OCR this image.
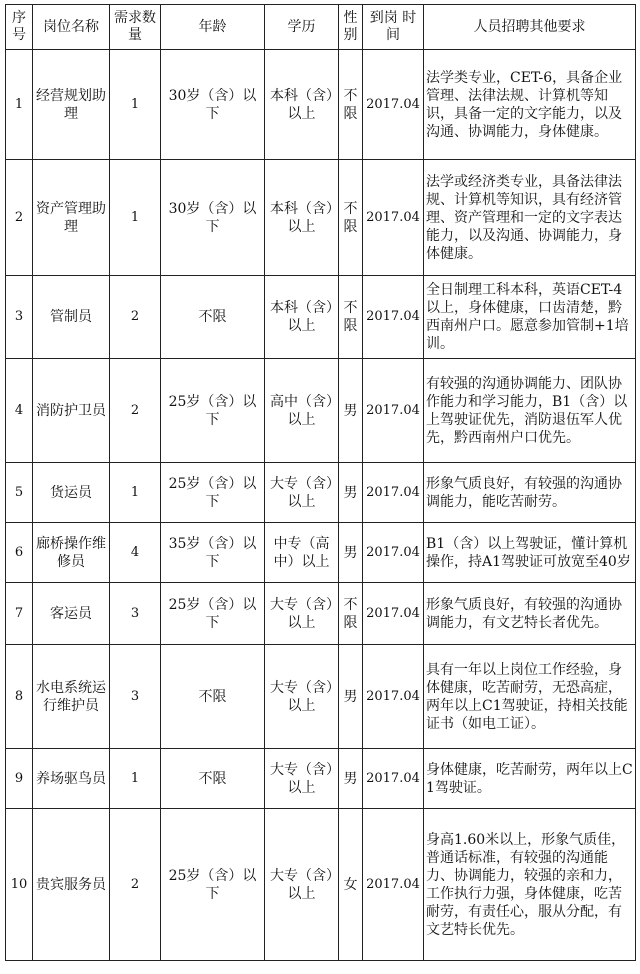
序号	岗位名称	需求数量	年龄	学历	性别	到岗 时间	人员招聘其他要求
1	经营规划助理	1	30岁（含）以下	本科（含）以上	不限	2017.04	法学类专业，CET-6，具备企业管理、法律法规、计算机等知识，具备一定的文字能力，以及沟通、协调能力，身体健康。
2	资产管理助理	1	30岁（含）以下	本科（含）以上	不限	2017.04	法学或经济类专业，具备法律法规、计算机等知识，具有经济管理、资产管理和一定的文字表达能力，以及沟通、协调能力，身体健康。
3	管制员	2	不限	本科（含）以上	不限	2017.04	全日制理工科本科，英语CET-4以上，身体健康，口齿清楚，黔西南州户口。愿意参加管制+1培训。
4	消防护卫员	2	25岁（含）以下	高中（含）以上	男	2017.04	有较强的沟通协调能力、团队协作能力和学习能力，B1（含）以上驾驶证优先，消防退伍军人优先，黔西南州户口优先。
5	货运员	1	25岁（含）以下	大专（含）以上	男	2017.04	形象气质良好，有较强的沟通协调能力，能吃苦耐劳。
6	廊桥操作维修员	4	35岁（含）以下	中专（高中）以上	男	2017.04	B1（含）以上驾驶证，懂计算机操作，持A1驾驶证可放宽至40岁
7	客运员	3	25岁（含）以下	大专（含）以上	不限	2017.04	形象气质良好，有较强的沟通协调能力，有文艺特长者优先。
8	水电系统运行维护员	3	不限	大专（含）以上	男	2017.04	具有一年以上岗位工作经验，身体健康，吃苦耐劳，无恐高症，两年以上C1驾驶证，持相关技能证书（如电工证）。
9	养场驱鸟员	1	不限	大专（含）以上	男	2017.04	身体健康，吃苦耐劳，两年以上C1驾驶证。
10	贵宾服务员	2	25岁（含）以下	大专（含）以上	女	2017.04	身高1.60米以上，形象气质佳，普通话标准，有较强的沟通能力、协调能力，较强的亲和力，工作执行力强，身体健康，吃苦耐劳，有责任心，服从分配，有文艺特长优先。
